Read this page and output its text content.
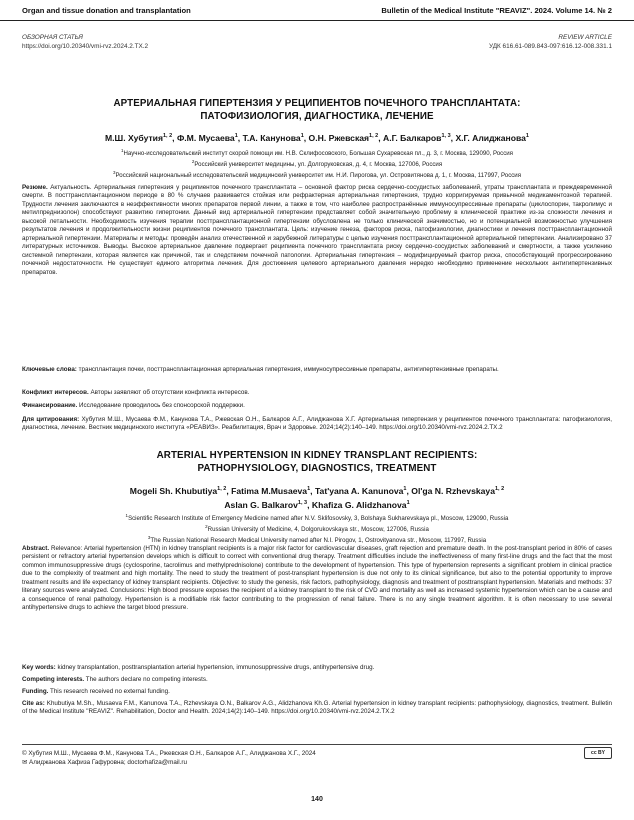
Organ and tissue donation and transplantation	Bulletin of the Medical Institute "REAVIZ". 2024. Volume 14. № 2
ОБЗОРНАЯ СТАТЬЯ	REVIEW ARTICLE
https://doi.org/10.20340/vmi-rvz.2024.2.TX.2	УДК 616.61-089.843-097:616.12-008.331.1
АРТЕРИАЛЬНАЯ ГИПЕРТЕНЗИЯ У РЕЦИПИЕНТОВ ПОЧЕЧНОГО ТРАНСПЛАНТАТА:
ПАТОФИЗИОЛОГИЯ, ДИАГНОСТИКА, ЛЕЧЕНИЕ
М.Ш. Хубутия$^{1, 2}$, Ф.М. Мусаева$^1$, Т.А. Канунова$^1$, О.Н. Ржевская$^{1, 2}$, А.Г. Балкаров$^{1, 3}$, Х.Г. Алиджанова$^1$
$^1$Научно-исследовательский институт скорой помощи им. Н.В. Склифосовского, Большая Сухаревская пл., д. 3, г. Москва, 129090, Россия
$^2$Российский университет медицины, ул. Долгоруковская, д. 4, г. Москва, 127006, Россия
$^3$Российский национальный исследовательский медицинский университет им. Н.И. Пирогова, ул. Островитянова д. 1, г. Москва, 117997, Россия
Резюме. Актуальность. Артериальная гипертензия у реципиентов почечного трансплантата – основной фактор риска сердечно-сосудистых заболеваний, утраты трансплантата и преждевременной смерти. В посттрансплантационном периоде в 80 % случаев развивается стойкая или рефрактерная артериальная гипертензия, трудно корригируемая привычной медикаментозной терапией. Трудности лечения заключаются в неэффективности многих препаратов первой линии, а также в том, что наиболее распространённые иммуносупрессивные препараты (циклоспорин, такролимус и метилпреднизолон) способствуют развитию гипертонии. Данный вид артериальной гипертензии представляет собой значительную проблему в клинической практике из-за сложности лечения и высокой летальности. Необходимость изучения терапии посттрансплантационной гипертензии обусловлена не только клинической значимостью, но и потенциальной возможностью улучшения результатов лечения и продолжительности жизни реципиентов почечного трансплантата. Цель: изучение генеза, факторов риска, патофизиологии, диагностики и лечения посттрансплантационной артериальной гипертензии. Материалы и методы: проведён анализ отечественной и зарубежной литературы с целью изучения посттрансплантационной артериальной гипертензии. Анализировано 37 литературных источников. Выводы. Высокое артериальное давление подвергает реципиента почечного трансплантата риску сердечно-сосудистых заболеваний и смертности, а также усилению системной гипертензии, которая является как причиной, так и следствием почечной патологии. Артериальная гипертензия – модифицируемый фактор риска, способствующий прогрессированию почечной недостаточности. Не существует единого алгоритма лечения. Для достижения целевого артериального давления нередко необходимо применение нескольких антигипертензивных препаратов.
Ключевые слова: трансплантация почки, посттрансплантационная артериальная гипертензия, иммуносупрессивные препараты, антигипертензивные препараты.
Конфликт интересов. Авторы заявляют об отсутствии конфликта интересов.
Финансирование. Исследование проводилось без спонсорской поддержки.
Для цитирования: Хубутия М.Ш., Мусаева Ф.М., Канунова Т.А., Ржевская О.Н., Балкаров А.Г., Алиджанова Х.Г. Артериальная гипертензия у реципиентов почечного трансплантата: патофизиология, диагностика, лечение. Вестник медицинского института «РЕАВИЗ». Реабилитация, Врач и Здоровье. 2024;14(2):140–149. https://doi.org/10.20340/vmi-rvz.2024.2.TX.2
ARTERIAL HYPERTENSION IN KIDNEY TRANSPLANT RECIPIENTS:
PATHOPHYSIOLOGY, DIAGNOSTICS, TREATMENT
Mogeli Sh. Khubutiya$^{1, 2}$, Fatima M.Musaeva$^1$, Tat'yana A. Kanunova$^1$, Ol'ga N. Rzhevskaya$^{1, 2}$
Aslan G. Balkarov$^{1, 3}$, Khafiza G. Alidzhanova$^1$
$^1$Scientific Research Institute of Emergency Medicine named after N.V. Sklifosovsky, 3, Bolshaya Sukharevskaya pl., Moscow, 129090, Russia
$^2$Russian University of Medicine, 4, Dolgorukovskaya str., Moscow, 127006, Russia
$^3$The Russian National Research Medical University named after N.I. Pirogov, 1, Ostrovityanova str., Moscow, 117997, Russia
Abstract. Relevance: Arterial hypertension (HTN) in kidney transplant recipients is a major risk factor for cardiovascular diseases, graft rejection and premature death. In the post-transplant period in 80% of cases persistent or refractory arterial hypertension develops which is difficult to correct with conventional drug therapy. Treatment difficulties include the ineffectiveness of many first-line drugs and the fact that the most common immunosuppressive drugs (cyclosporine, tacrolimus and methylprednisolone) contribute to the development of hypertension. This type of hypertension represents a significant problem in clinical practice due to the complexity of treatment and high mortality. The need to study the treatment of post-transplant hypertension is due not only to its clinical significance, but also to the potential opportunity to improve treatment results and life expectancy of kidney transplant recipients. Objective: to study the genesis, risk factors, pathophysiology, diagnosis and treatment of posttransplant hypertension. Materials and methods: 37 literary sources were analyzed. Conclusions: High blood pressure exposes the recipient of a kidney transplant to the risk of CVD and mortality as well as increased systemic hypertension which can be a cause and a consequence of renal pathology. Hypertension is a modifiable risk factor contributing to the progression of renal failure. There is no any single treatment algorithm. It is often necessary to use several antihypertensive drugs to achieve the target blood pressure.
Key words: kidney transplantation, posttransplantation arterial hypertension, immunosuppressive drugs, antihypertensive drug.
Competing interests. The authors declare no competing interests.
Funding. This research received no external funding.
Cite as: Khubutiya M.Sh., Musaeva F.M., Kanunova T.A., Rzhevskaya O.N., Balkarov A.G., Alidzhanova Kh.G. Arterial hypertension in kidney transplant recipients: pathophysiology, diagnostics, treatment. Bulletin of the Medical Institute "REAVIZ". Rehabilitation, Doctor and Health. 2024;14(2):140–149. https://doi.org/10.20340/vmi-rvz.2024.2.TX.2
© Хубутия М.Ш., Мусаева Ф.М., Канунова Т.А., Ржевская О.Н., Балкаров А.Г., Алиджанова Х.Г., 2024
✉ Алиджанова Хафиза Гафуровна; doctorhafiza@mail.ru
cc BY
140
